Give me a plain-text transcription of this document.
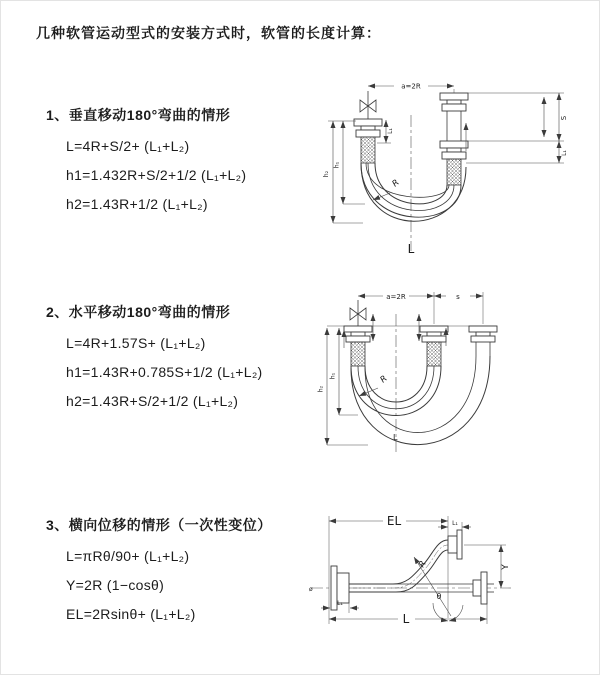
几种软管运动型式的安装方式时，软管的长度计算：
1、垂直移动180°弯曲的情形
L=4R+S/2+ (L₁+L₂)
h1=1.432R+S/2+1/2 (L₁+L₂)
h2=1.43R+1/2 (L₁+L₂)
2、水平移动180°弯曲的情形
L=4R+1.57S+ (L₁+L₂)
h1=1.43R+0.785S+1/2 (L₁+L₂)
h2=1.43R+S/2+1/2 (L₁+L₂)
3、横向位移的情形（一次性变位）
L=πRθ/90+ (L₁+L₂)
Y=2R (1−cosθ)
EL=2Rsinθ+ (L₁+L₂)
a=2R
h₂
h₁
L₁
S
L₁
R
L
a=2R	s
h₂
h₁	R
L
ø
EL	L₁
Y
L
L₁
R
θ
